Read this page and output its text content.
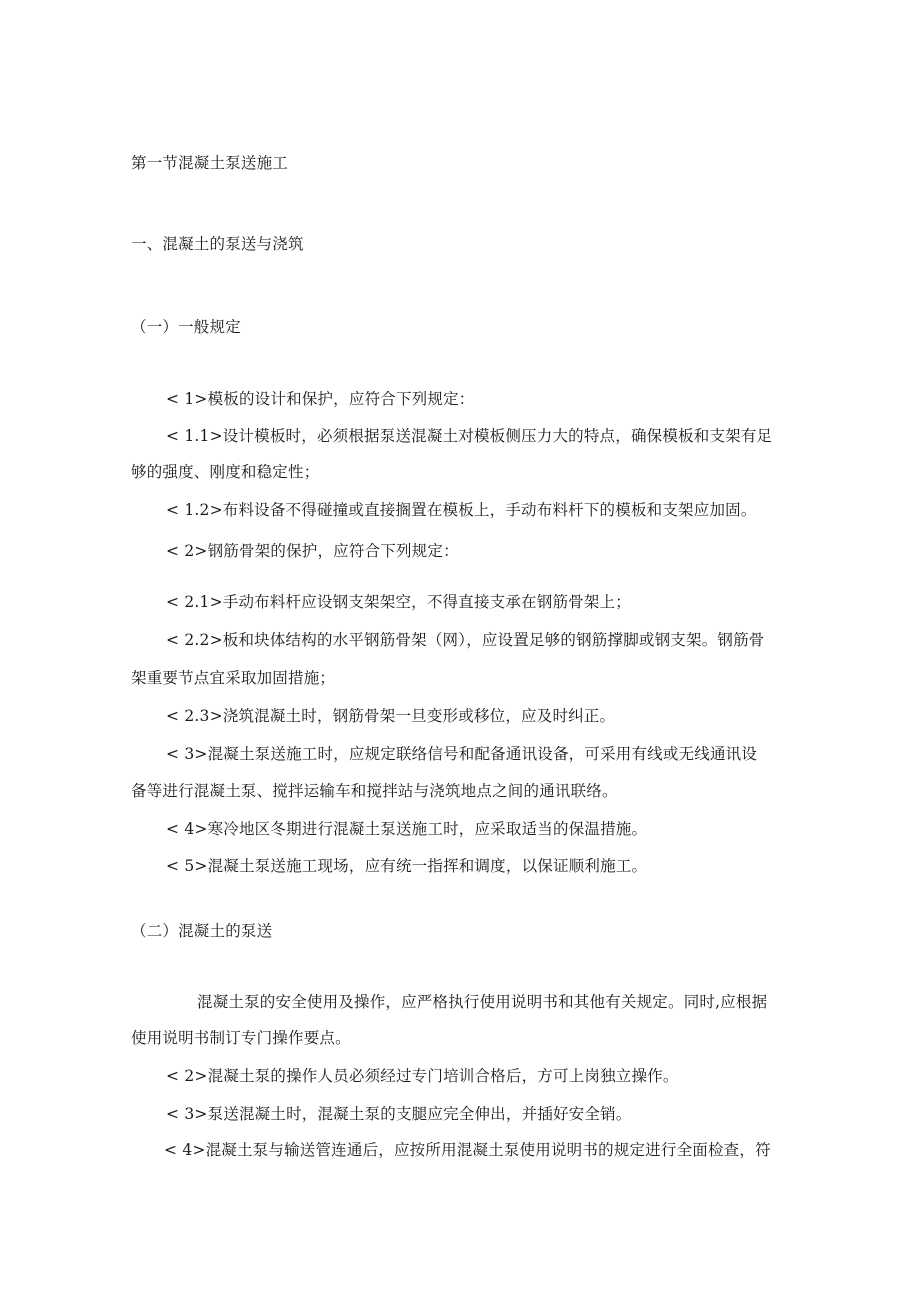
第一节混凝土泵送施工
一、混凝土的泵送与浇筑
（一）一般规定
< 1>模板的设计和保护，应符合下列规定：
< 1.1>设计模板时，必须根据泵送混凝土对模板侧压力大的特点，确保模板和支架有足
够的强度、刚度和稳定性；
< 1.2>布料设备不得碰撞或直接搁置在模板上，手动布料杆下的模板和支架应加固。
< 2>钢筋骨架的保护，应符合下列规定：
< 2.1>手动布料杆应设钢支架架空，不得直接支承在钢筋骨架上；
< 2.2>板和块体结构的水平钢筋骨架（网），应设置足够的钢筋撑脚或钢支架。钢筋骨
架重要节点宜采取加固措施；
< 2.3>浇筑混凝土时，钢筋骨架一旦变形或移位，应及时纠正。
< 3>混凝土泵送施工时，应规定联络信号和配备通讯设备，可采用有线或无线通讯设
备等进行混凝土泵、搅拌运输车和搅拌站与浇筑地点之间的通讯联络。
< 4>寒冷地区冬期进行混凝土泵送施工时，应采取适当的保温措施。
< 5>混凝土泵送施工现场，应有统一指挥和调度，以保证顺利施工。
（二）混凝土的泵送
混凝土泵的安全使用及操作，应严格执行使用说明书和其他有关规定。同时,应根据
使用说明书制订专门操作要点。
< 2>混凝土泵的操作人员必须经过专门培训合格后，方可上岗独立操作。
< 3>泵送混凝土时，混凝土泵的支腿应完全伸出，并插好安全销。
< 4>混凝土泵与输送管连通后，应按所用混凝土泵使用说明书的规定进行全面检查，符
